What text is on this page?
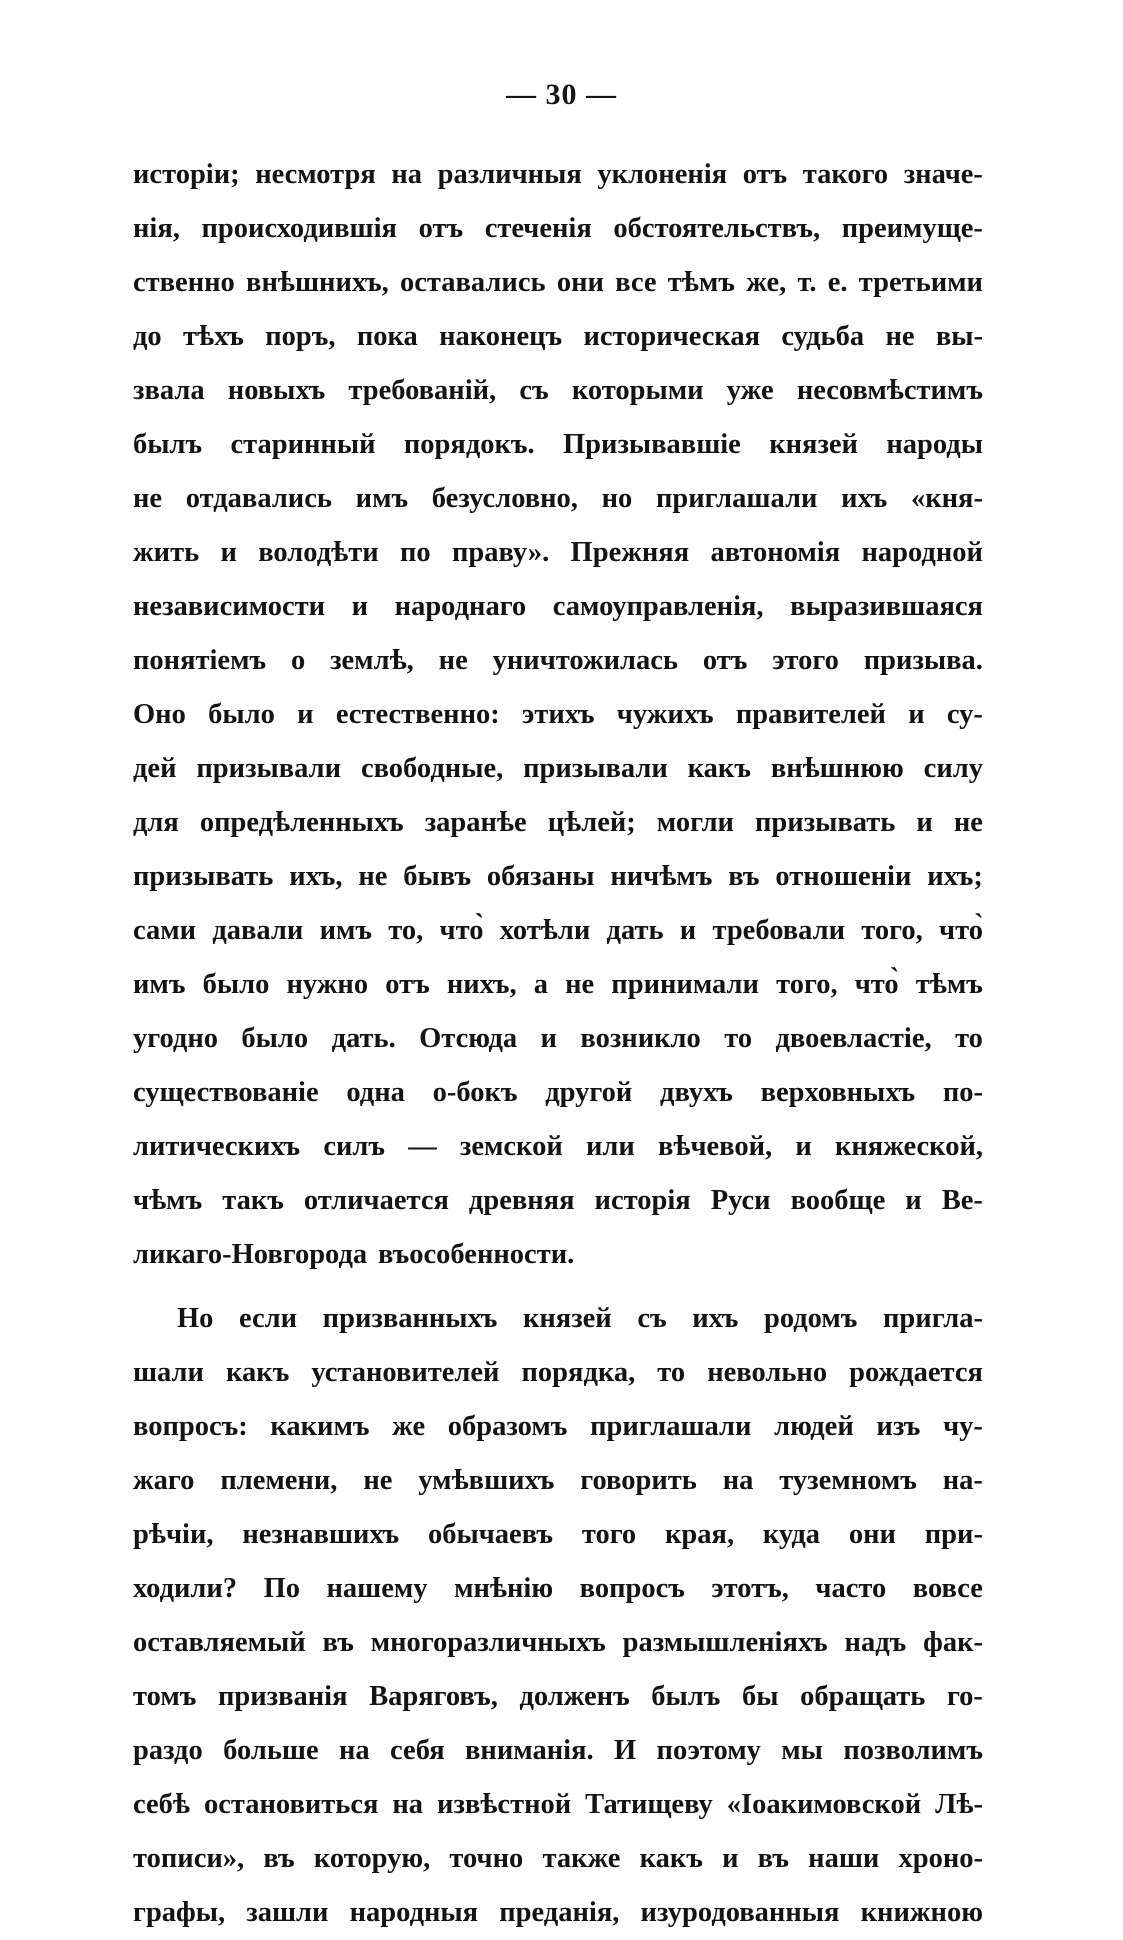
— 30 —
исторіи; несмотря на различныя уклоненія отъ такого значе-
нія, происходившія отъ стеченія обстоятельствъ, преимуще-
ственно внѣшнихъ, оставались они все тѣмъ же, т. е. третьими
до тѣхъ поръ, пока наконецъ историческая судьба не вы-
звала новыхъ требованій, съ которыми уже несовмѣстимъ
былъ старинный порядокъ. Призывавшіе князей народы
не отдавались имъ безусловно, но приглашали ихъ «кня-
жить и володѣти по праву». Прежняя автономія народной
независимости и народнаго самоуправленія, выразившаяся
понятіемъ о землѣ, не уничтожилась отъ этого призыва.
Оно было и естественно: этихъ чужихъ правителей и су-
дей призывали свободные, призывали какъ внѣшнюю силу
для опредѣленныхъ заранѣе цѣлей; могли призывать и не
призывать ихъ, не бывъ обязаны ничѣмъ въ отношеніи ихъ;
сами давали имъ то, что̀ хотѣли дать и требовали того, что̀
имъ было нужно отъ нихъ, а не принимали того, что̀ тѣмъ
угодно было дать. Отсюда и возникло то двоевластіе, то
существованіе одна о-бокъ другой двухъ верховныхъ по-
литическихъ силъ — земской или вѣчевой, и княжеской,
чѣмъ такъ отличается древняя исторія Руси вообще и Ве-
ликаго-Новгорода въособенности.
Но если призванныхъ князей съ ихъ родомъ пригла-
шали какъ установителей порядка, то невольно рождается
вопросъ: какимъ же образомъ приглашали людей изъ чу-
жаго племени, не умѣвшихъ говорить на туземномъ на-
рѣчіи, незнавшихъ обычаевъ того края, куда они при-
ходили? По нашему мнѣнію вопросъ этотъ, часто вовсе
оставляемый въ многоразличныхъ размышленіяхъ надъ фак-
томъ призванія Варяговъ, долженъ былъ бы обращать го-
раздо больше на себя вниманія. И поэтому мы позволимъ
себѣ остановиться на извѣстной Татищеву «Іоакимовской Лѣ-
тописи», въ которую, точно также какъ и въ наши хроно-
графы, зашли народныя преданія, изуродованныя книжною
